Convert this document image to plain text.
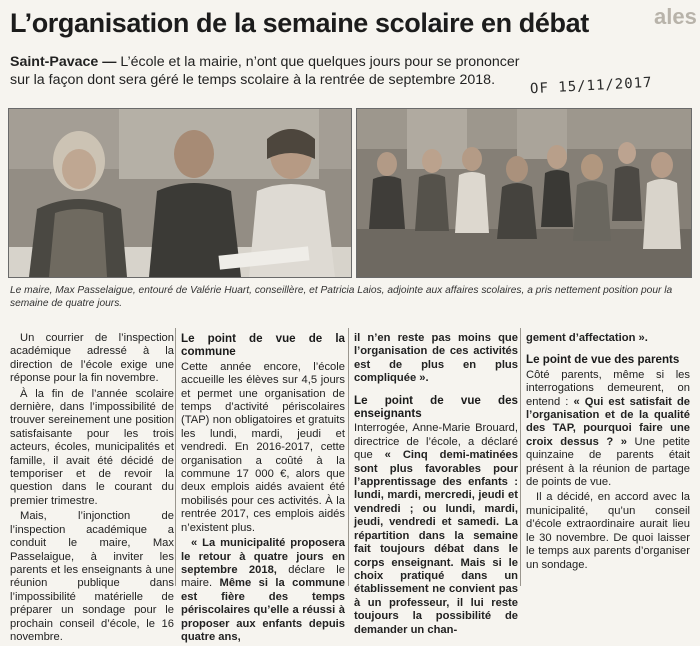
L’organisation de la semaine scolaire en débat	ales
Saint-Pavace — L’école et la mairie, n’ont que quelques jours pour se prononcer sur la façon dont sera géré le temps scolaire à la rentrée de septembre 2018.	OF 15/11/2017
Le maire, Max Passelaigue, entouré de Valérie Huart, conseillère, et Patricia Laios, adjointe aux affaires scolaires, a pris nettement position pour la semaine de quatre jours.

Un courrier de l’inspection académique adressé à la direction de l’école exige une réponse pour la fin novembre.

À la fin de l’année scolaire dernière, dans l’impossibilité de trouver sereinement une position satisfaisante pour les trois acteurs, écoles, municipalités et famille, il avait été décidé de temporiser et de revoir la question dans le courant du premier trimestre.

Mais, l’injonction de l’inspection académique a conduit le maire, Max Passelaigue, à inviter les parents et les enseignants à une réunion publique dans l’impossibilité matérielle de préparer un sondage pour le prochain conseil d’école, le 16 novembre.

Le point de vue de la commune

Cette année encore, l’école accueille les élèves sur 4,5 jours et permet une organisation de temps d’activité périscolaires (TAP) non obligatoires et gratuits les lundi, mardi, jeudi et vendredi. En 2016-2017, cette organisation a coûté à la commune 17 000 €, alors que deux emplois aidés avaient été mobilisés pour ces activités. À la rentrée 2017, ces emplois aidés n’existent plus.

« La municipalité proposera le retour à quatre jours en septembre 2018, déclare le maire. Même si la commune est fière des temps périscolaires qu’elle a réussi à proposer aux enfants depuis quatre ans,

il n’en reste pas moins que l’organisation de ces activités est de plus en plus compliquée ».

Le point de vue des enseignants

Interrogée, Anne-Marie Brouard, directrice de l’école, a déclaré que « Cinq demi-matinées sont plus favorables pour l’apprentissage des enfants : lundi, mardi, mercredi, jeudi et vendredi ; ou lundi, mardi, jeudi, vendredi et samedi. La répartition dans la semaine fait toujours débat dans le corps enseignant. Mais si le choix pratiqué dans un établissement ne convient pas à un professeur, il lui reste toujours la possibilité de demander un chan-

gement d’affectation ».

Le point de vue des parents

Côté parents, même si les interrogations demeurent, on entend : « Qui est satisfait de l’organisation et de la qualité des TAP, pourquoi faire une croix dessus ? » Une petite quinzaine de parents était présent à la réunion de partage de points de vue.

Il a décidé, en accord avec la municipalité, qu’un conseil d’école extraordinaire aurait lieu le 30 novembre. De quoi laisser le temps aux parents d’organiser un sondage.
